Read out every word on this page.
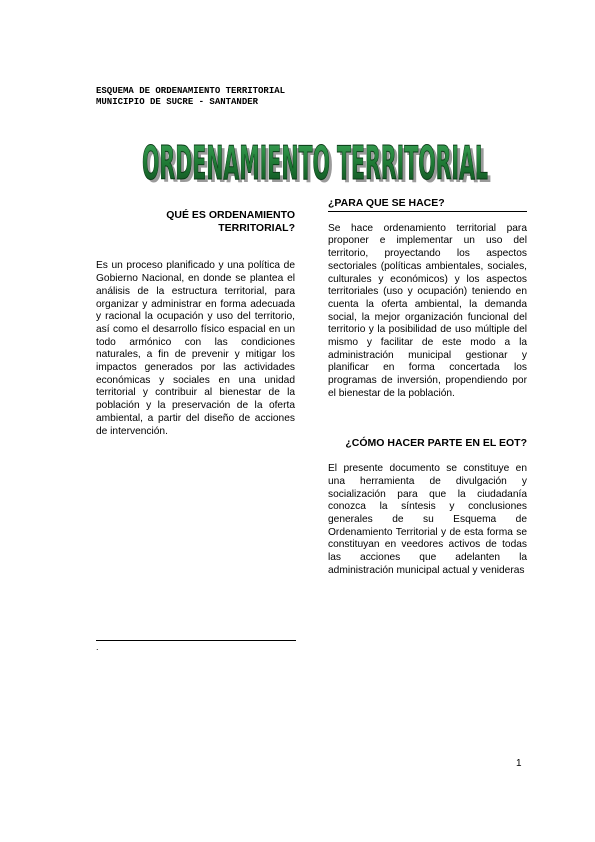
ESQUEMA DE ORDENAMIENTO TERRITORIAL
MUNICIPIO DE SUCRE - SANTANDER
ORDENAMIENTO TERRITORIAL
ORDENAMIENTO TERRITORIAL
QUÉ ES ORDENAMIENTO
TERRITORIAL?

Es un proceso planificado y una política de Gobierno Nacional, en donde se plantea el análisis de la estructura territorial, para organizar y administrar en forma adecuada y racional la ocupación y uso del territorio, así como el desarrollo físico espacial en un todo armónico con las condiciones naturales, a fin de prevenir y mitigar los impactos generados por las actividades económicas y sociales en una unidad territorial y contribuir al bienestar de la población y la preservación de la oferta ambiental, a partir del diseño de acciones de intervención.

¿PARA QUE SE HACE?

Se hace ordenamiento territorial para proponer e implementar un uso del territorio, proyectando los aspectos sectoriales (políticas ambientales, sociales, culturales y económicos) y los aspectos territoriales (uso y ocupación) teniendo en cuenta la oferta ambiental, la demanda social, la mejor organización funcional del territorio y la posibilidad de uso múltiple del mismo y facilitar de este modo a la administración municipal gestionar y planificar en forma concertada los programas de inversión, propendiendo por el bienestar de la población.

¿CÓMO HACER PARTE EN EL EOT?

El presente documento se constituye en una herramienta de divulgación y socialización para que la ciudadanía conozca la síntesis y conclusiones generales de su Esquema de Ordenamiento Territorial y de esta forma se constituyan en veedores activos de todas las acciones que adelanten la administración municipal actual y venideras

.
1
